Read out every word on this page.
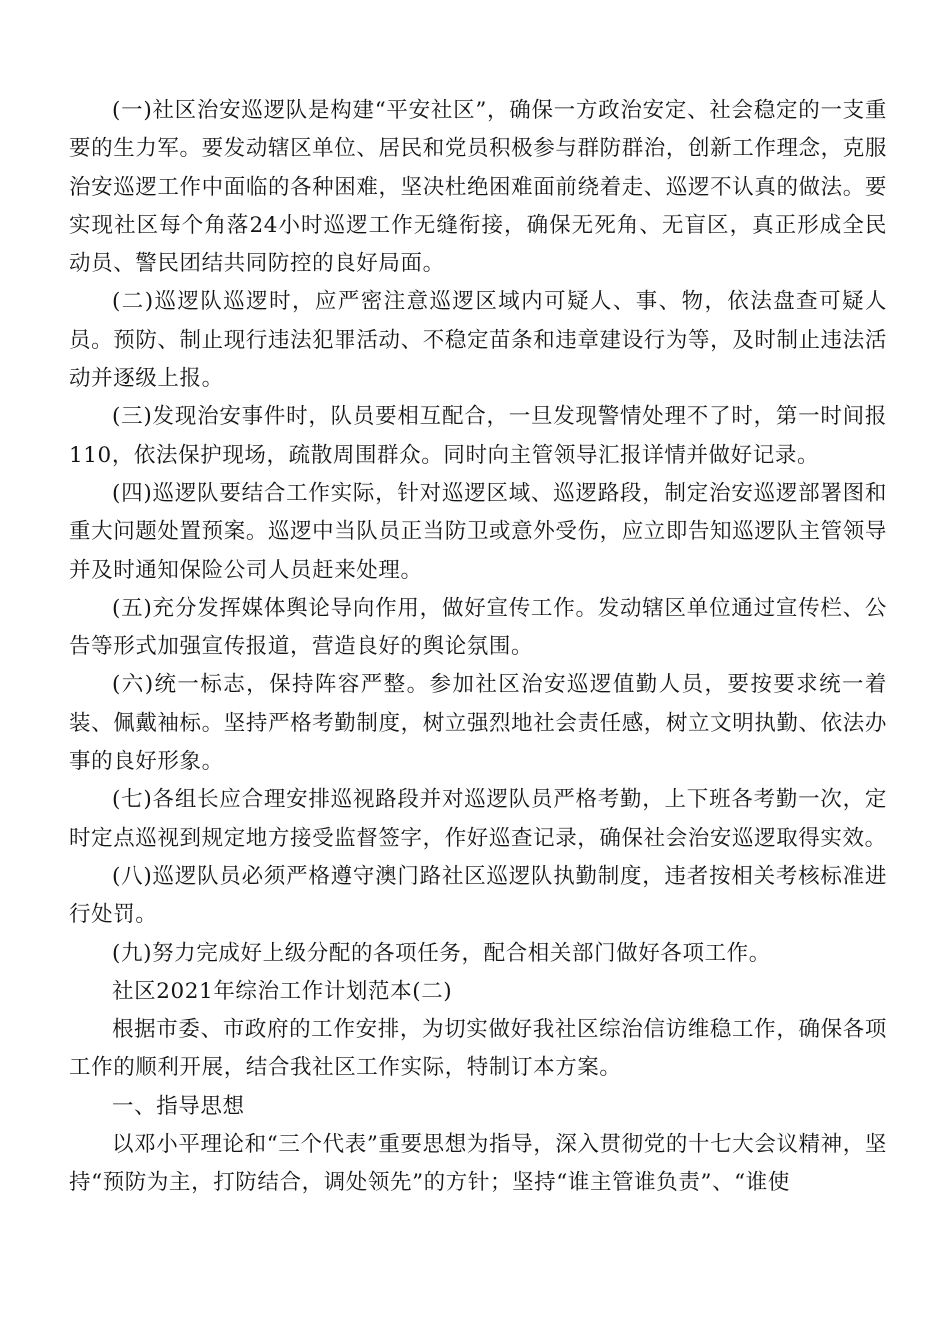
(一)社区治安巡逻队是构建“平安社区”，确保一方政治安定、社会稳定的一支重要的生力军。要发动辖区单位、居民和党员积极参与群防群治，创新工作理念，克服治安巡逻工作中面临的各种困难，坚决杜绝困难面前绕着走、巡逻不认真的做法。要实现社区每个角落24小时巡逻工作无缝衔接，确保无死角、无盲区，真正形成全民动员、警民团结共同防控的良好局面。

(二)巡逻队巡逻时，应严密注意巡逻区域内可疑人、事、物，依法盘查可疑人员。预防、制止现行违法犯罪活动、不稳定苗条和违章建设行为等，及时制止违法活动并逐级上报。

(三)发现治安事件时，队员要相互配合，一旦发现警情处理不了时，第一时间报110，依法保护现场，疏散周围群众。同时向主管领导汇报详情并做好记录。

(四)巡逻队要结合工作实际，针对巡逻区域、巡逻路段，制定治安巡逻部署图和重大问题处置预案。巡逻中当队员正当防卫或意外受伤，应立即告知巡逻队主管领导并及时通知保险公司人员赶来处理。

(五)充分发挥媒体舆论导向作用，做好宣传工作。发动辖区单位通过宣传栏、公告等形式加强宣传报道，营造良好的舆论氛围。

(六)统一标志，保持阵容严整。参加社区治安巡逻值勤人员，要按要求统一着装、佩戴袖标。坚持严格考勤制度，树立强烈地社会责任感，树立文明执勤、依法办事的良好形象。

(七)各组长应合理安排巡视路段并对巡逻队员严格考勤，上下班各考勤一次，定时定点巡视到规定地方接受监督签字，作好巡查记录，确保社会治安巡逻取得实效。

(八)巡逻队员必须严格遵守澳门路社区巡逻队执勤制度，违者按相关考核标准进行处罚。

(九)努力完成好上级分配的各项任务，配合相关部门做好各项工作。

社区2021年综治工作计划范本(二)

根据市委、市政府的工作安排，为切实做好我社区综治信访维稳工作，确保各项工作的顺利开展，结合我社区工作实际，特制订本方案。

一、指导思想

以邓小平理论和“三个代表”重要思想为指导，深入贯彻党的十七大会议精神，坚持“预防为主，打防结合，调处领先”的方针；坚持“谁主管谁负责”、“谁使
